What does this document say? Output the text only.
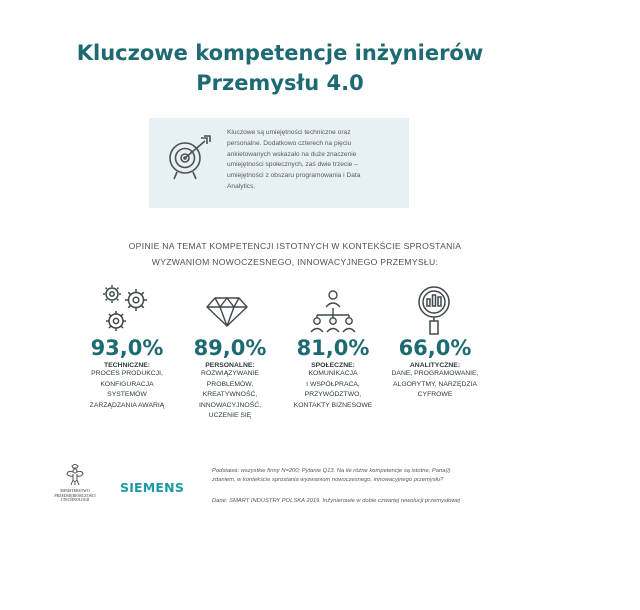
Kluczowe kompetencje inżynierów
Przemysłu 4.0
Kluczowe są umiejętności techniczne oraz
personalne. Dodatkowo czterech na pięciu
ankietowanych wskazało na duże znaczenie
umiejętności społecznych, zaś dwie trzecie –
umiejętności z obszaru programowania i Data
Analytics.
OPINIE NA TEMAT KOMPETENCJI ISTOTNYCH W KONTEKŚCIE SPROSTANIA
WYZWANIOM NOWOCZESNEGO, INNOWACYJNEGO PRZEMYSŁU:
93,0%
TECHNICZNE:
PROCES PRODUKCJI,
KONFIGURACJA
SYSTEMÓW
ZARZĄDZANIA AWARIĄ
89,0%
PERSONALNE:
ROZWIĄZYWANIE
PROBLEMÓW,
KREATYWNOŚĆ,
INNOWACYJNOŚĆ,
UCZENIE SIĘ
81,0%
SPOŁECZNE:
KOMUNIKACJA
I WSPÓŁPRACA,
PRZYWÓDZTWO,
KONTAKTY BIZNESOWE
66,0%
ANALITYCZNE:
DANE, PROGRAMOWANIE,
ALGORYTMY, NARZĘDZIA
CYFROWE
MINISTERSTWO
PRZEDSIĘBIORCZOŚCI
I TECHNOLOGII
SIEMENS
Podstawa: wszystkie firmy N=200; Pytanie Q13. Na ile różne kompetencje są istotne, Pana(i)
zdaniem, w kontekście sprostania wyzwaniom nowoczesnego, innowacyjnego przemysłu?
Dane: SMART INDUSTRY POLSKA 2019. Inżynierowie w dobie czwartej rewolucji przemysłowej
